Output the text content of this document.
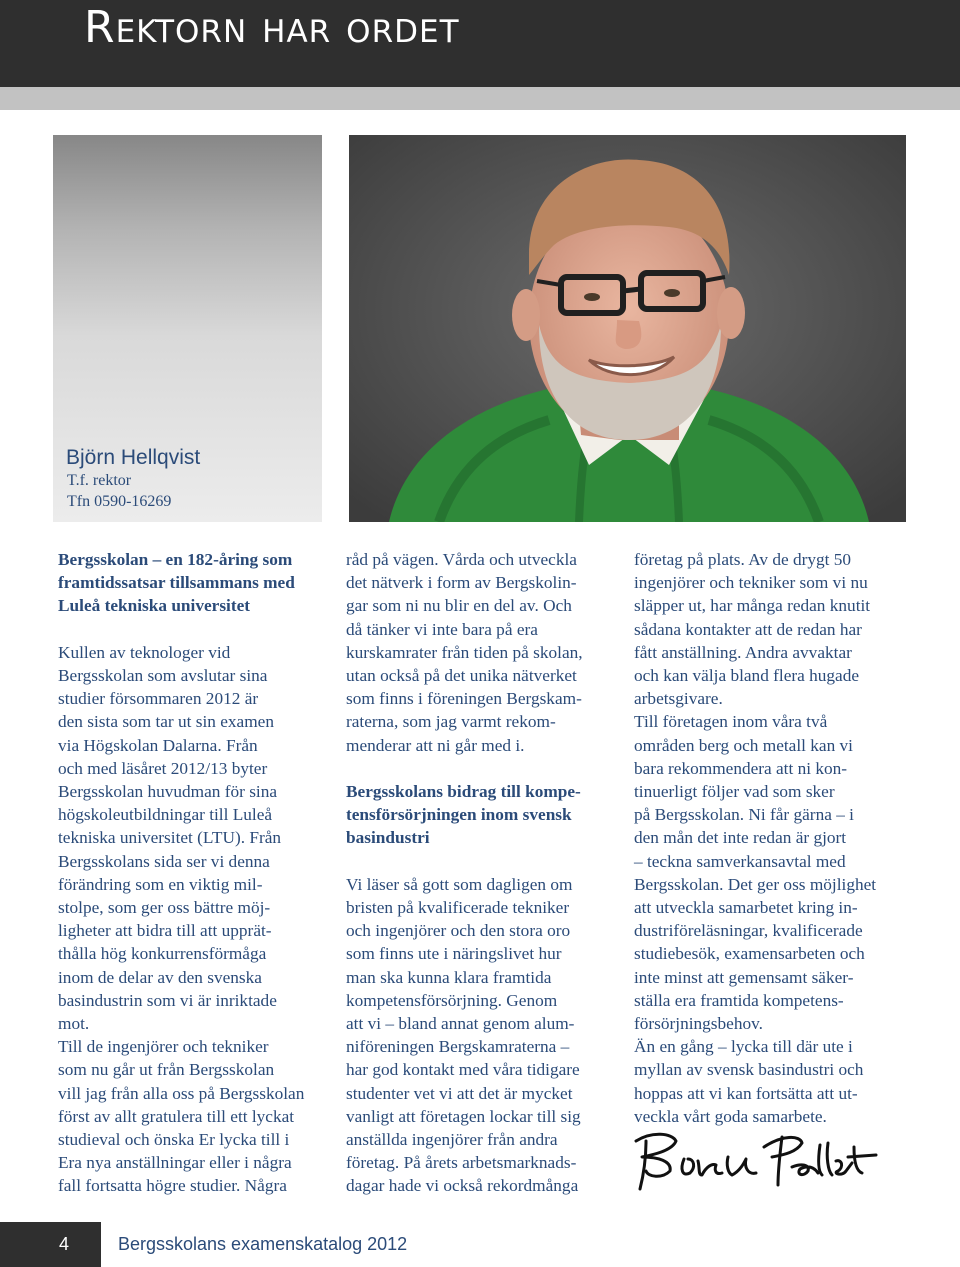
Rektorn har ordet

Björn Hellqvist

T.f. rektor

Tfn 0590-16269

Bergsskolan – en 182-åring som

framtidssatsar tillsammans med

Luleå tekniska universitet

Kullen av teknologer vid

Bergsskolan som avslutar sina

studier försommaren 2012 är

den sista som tar ut sin examen

via Högskolan Dalarna. Från

och med läsåret 2012/13 byter

Bergsskolan huvudman för sina

högskoleutbildningar till Luleå

tekniska universitet (LTU). Från

Bergsskolans sida ser vi denna

förändring som en viktig mil-

stolpe, som ger oss bättre möj-

ligheter att bidra till att upprät-

thålla hög konkurrensförmåga

inom de delar av den svenska

basindustrin som vi är inriktade

mot.

Till de ingenjörer och tekniker

som nu går ut från Bergsskolan

vill jag från alla oss på Bergsskolan

först av allt gratulera till ett lyckat

studieval och önska Er lycka till i

Era nya anställningar eller i några

fall fortsatta högre studier. Några

råd på vägen. Vårda och utveckla

det nätverk i form av Bergskolin-

gar som ni nu blir en del av. Och

då tänker vi inte bara på era

kurskamrater från tiden på skolan,

utan också på det unika nätverket

som finns i föreningen Bergskam-

raterna, som jag varmt rekom-

menderar att ni går med i.

Bergsskolans bidrag till kompe-

tensförsörjningen inom svensk

basindustri

Vi läser så gott som dagligen om

bristen på kvalificerade tekniker

och ingenjörer och den stora oro

som finns ute i näringslivet hur

man ska kunna klara framtida

kompetensförsörjning. Genom

att vi – bland annat genom alum-

niföreningen Bergskamraterna –

har god kontakt med våra tidigare

studenter vet vi att det är mycket

vanligt att företagen lockar till sig

anställda ingenjörer från andra

företag. På årets arbetsmarknads-

dagar hade vi också rekordmånga

företag på plats. Av de drygt 50

ingenjörer och tekniker som vi nu

släpper ut, har många redan knutit

sådana kontakter att de redan har

fått anställning. Andra avvaktar

och kan välja bland flera hugade

arbetsgivare.

Till företagen inom våra två

områden berg och metall kan vi

bara rekommendera att ni kon-

tinuerligt följer vad som sker

på Bergsskolan. Ni får gärna – i

den mån det inte redan är gjort

– teckna samverkansavtal med

Bergsskolan. Det ger oss möjlighet

att utveckla samarbetet kring in-

dustriföreläsningar, kvalificerade

studiebesök, examensarbeten och

inte minst att gemensamt säker-

ställa era framtida kompetens-

försörjningsbehov.

Än en gång – lycka till där ute i

myllan av svensk basindustri och

hoppas att vi kan fortsätta att ut-

veckla vårt goda samarbete.

4	Bergsskolans examenskatalog 2012
